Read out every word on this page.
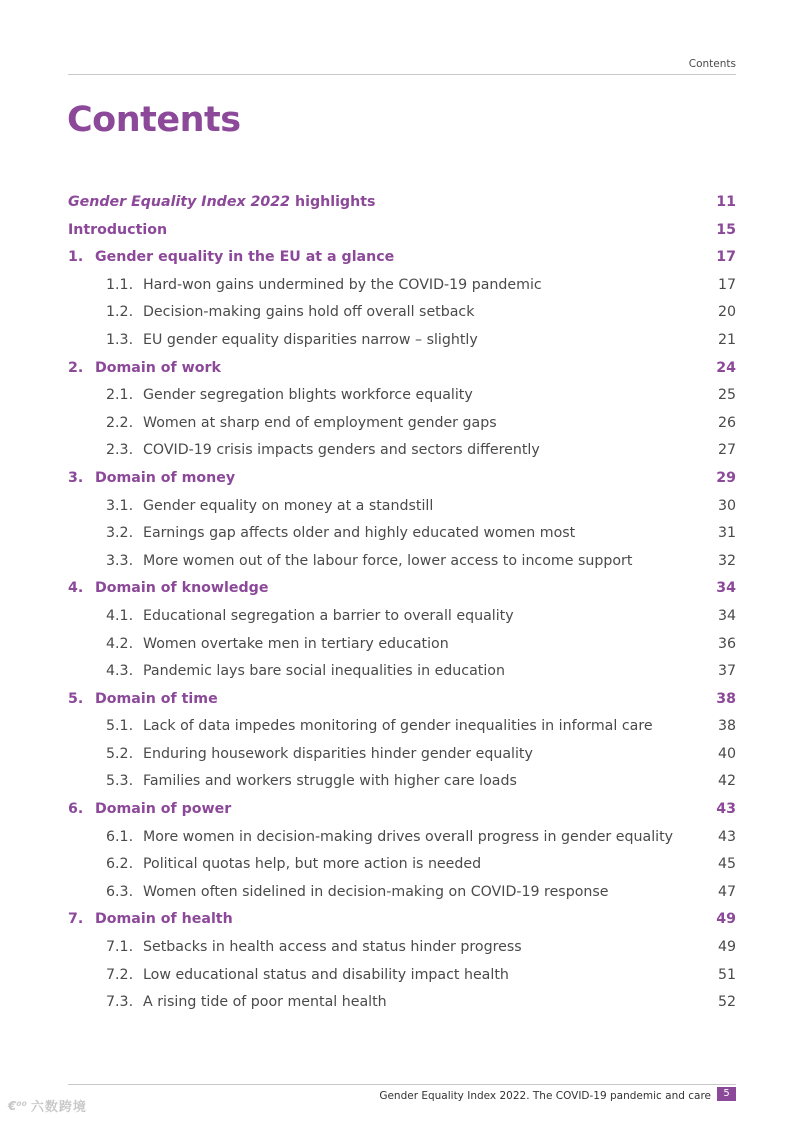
Contents
Contents
Gender Equality Index 2022 highlights	11
Introduction	15
1. Gender equality in the EU at a glance	17
1.1. Hard-won gains undermined by the COVID-19 pandemic	17
1.2. Decision-making gains hold off overall setback	20
1.3. EU gender equality disparities narrow – slightly	21
2. Domain of work	24
2.1. Gender segregation blights workforce equality	25
2.2. Women at sharp end of employment gender gaps	26
2.3. COVID-19 crisis impacts genders and sectors differently	27
3. Domain of money	29
3.1. Gender equality on money at a standstill	30
3.2. Earnings gap affects older and highly educated women most	31
3.3. More women out of the labour force, lower access to income support	32
4. Domain of knowledge	34
4.1. Educational segregation a barrier to overall equality	34
4.2. Women overtake men in tertiary education	36
4.3. Pandemic lays bare social inequalities in education	37
5. Domain of time	38
5.1. Lack of data impedes monitoring of gender inequalities in informal care	38
5.2. Enduring housework disparities hinder gender equality	40
5.3. Families and workers struggle with higher care loads	42
6. Domain of power	43
6.1. More women in decision-making drives overall progress in gender equality	43
6.2. Political quotas help, but more action is needed	45
6.3. Women often sidelined in decision-making on COVID-19 response	47
7. Domain of health	49
7.1. Setbacks in health access and status hinder progress	49
7.2. Low educational status and disability impact health	51
7.3. A rising tide of poor mental health	52
Gender Equality Index 2022. The COVID-19 pandemic and care	5
€⁰⁰ 六数跨境
